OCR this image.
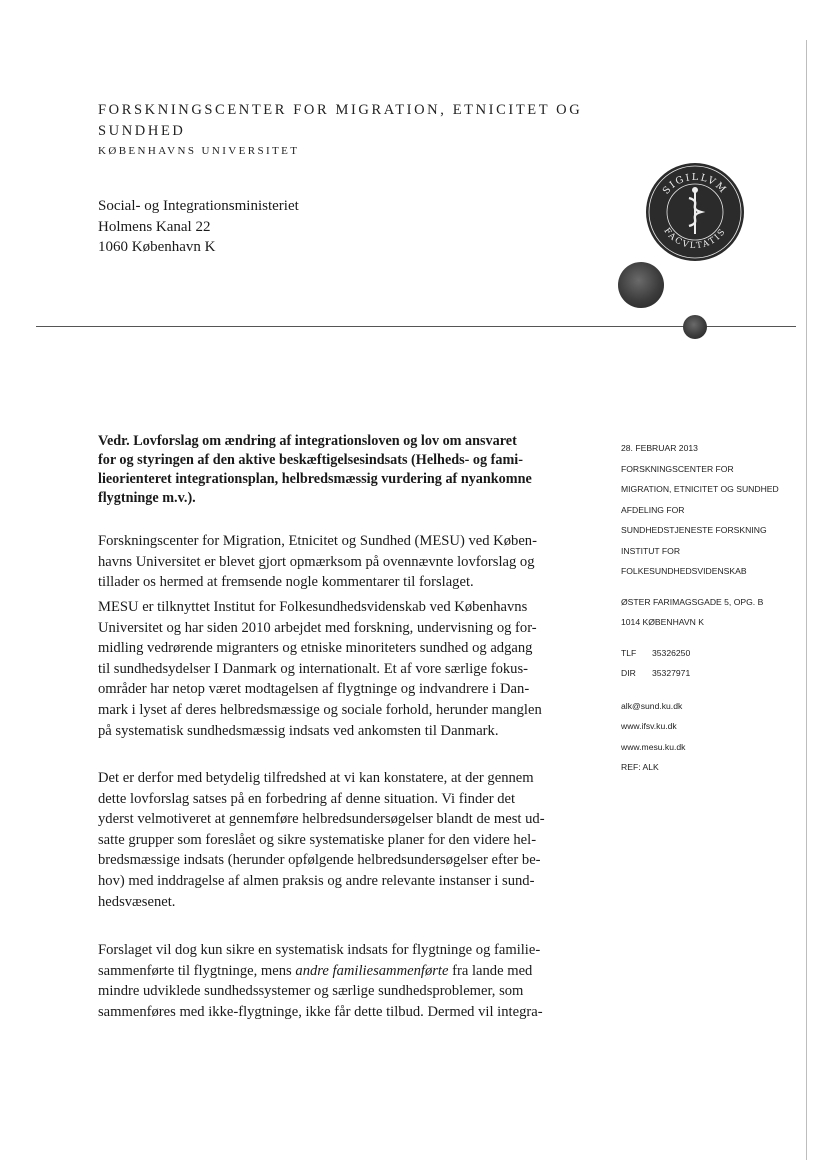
FORSKNINGSCENTER FOR MIGRATION, ETNICITET OG
SUNDHED
KØBENHAVNS UNIVERSITET
Social- og Integrationsministeriet
Holmens Kanal 22
1060 København K
SIGILLVM
FACVLTATIS
Vedr. Lovforslag om ændring af integrationsloven og lov om ansvaret
for og styringen af den aktive beskæftigelsesindsats (Helheds- og fami-
lieorienteret integrationsplan, helbredsmæssig vurdering af nyankomne
flygtninge m.v.).
Forskningscenter for Migration, Etnicitet og Sundhed (MESU) ved Køben-
havns Universitet er blevet gjort opmærksom på ovennævnte lovforslag og
tillader os hermed at fremsende nogle kommentarer til forslaget.
MESU er tilknyttet Institut for Folkesundhedsvidenskab ved Københavns
Universitet og har siden 2010 arbejdet med forskning, undervisning og for-
midling vedrørende migranters og etniske minoriteters sundhed og adgang
til sundhedsydelser I Danmark og internationalt. Et af vore særlige fokus-
områder har netop været modtagelsen af flygtninge og indvandrere i Dan-
mark i lyset af deres helbredsmæssige og sociale forhold, herunder manglen
på systematisk sundhedsmæssig indsats ved ankomsten til Danmark.
Det er derfor med betydelig tilfredshed at vi kan konstatere, at der gennem
dette lovforslag satses på en forbedring af denne situation. Vi finder det
yderst velmotiveret at gennemføre helbredsundersøgelser blandt de mest ud-
satte grupper som foreslået og sikre systematiske planer for den videre hel-
bredsmæssige indsats (herunder opfølgende helbredsundersøgelser efter be-
hov) med inddragelse af almen praksis og andre relevante instanser i sund-
hedsvæsenet.
Forslaget vil dog kun sikre en systematisk indsats for flygtninge og familie-
sammenførte til flygtninge, mens andre familiesammenførte fra lande med
mindre udviklede sundhedssystemer og særlige sundhedsproblemer, som
sammenføres med ikke-flygtninge, ikke får dette tilbud. Dermed vil integra-
28. FEBRUAR 2013
FORSKNINGSCENTER FOR
MIGRATION, ETNICITET OG SUNDHED
AFDELING FOR
SUNDHEDSTJENESTE FORSKNING
INSTITUT FOR
FOLKESUNDHEDSVIDENSKAB
ØSTER FARIMAGSGADE 5, OPG. B
1014 KØBENHAVN K
TLF 35326250
DIR 35327971
alk@sund.ku.dk
www.ifsv.ku.dk
www.mesu.ku.dk
REF: ALK
